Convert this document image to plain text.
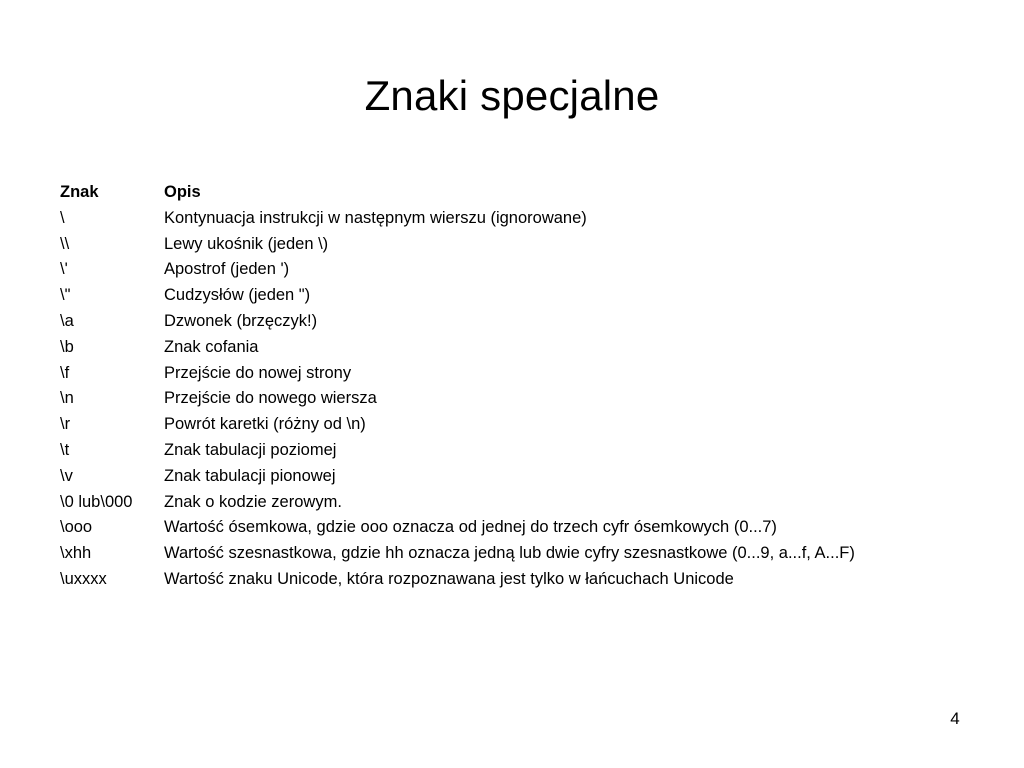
Znaki specjalne
Znak	Opis
\	Kontynuacja instrukcji w następnym wierszu (ignorowane)
\\	Lewy ukośnik (jeden \)
\'	Apostrof (jeden ')
\"	Cudzysłów (jeden ")
\a	Dzwonek (brzęczyk!)
\b	Znak cofania
\f	Przejście do nowej strony
\n	Przejście do nowego wiersza
\r	Powrót karetki (różny od \n)
\t	Znak tabulacji poziomej
\v	Znak tabulacji pionowej
\0 lub\000	Znak o kodzie zerowym.
\ooo	Wartość ósemkowa, gdzie ooo oznacza od jednej do trzech cyfr ósemkowych (0...7)
\xhh	Wartość szesnastkowa, gdzie hh oznacza jedną lub dwie cyfry szesnastkowe (0...9, a...f, A...F)
\uxxxx	Wartość znaku Unicode, która rozpoznawana jest tylko w łańcuchach Unicode
4
